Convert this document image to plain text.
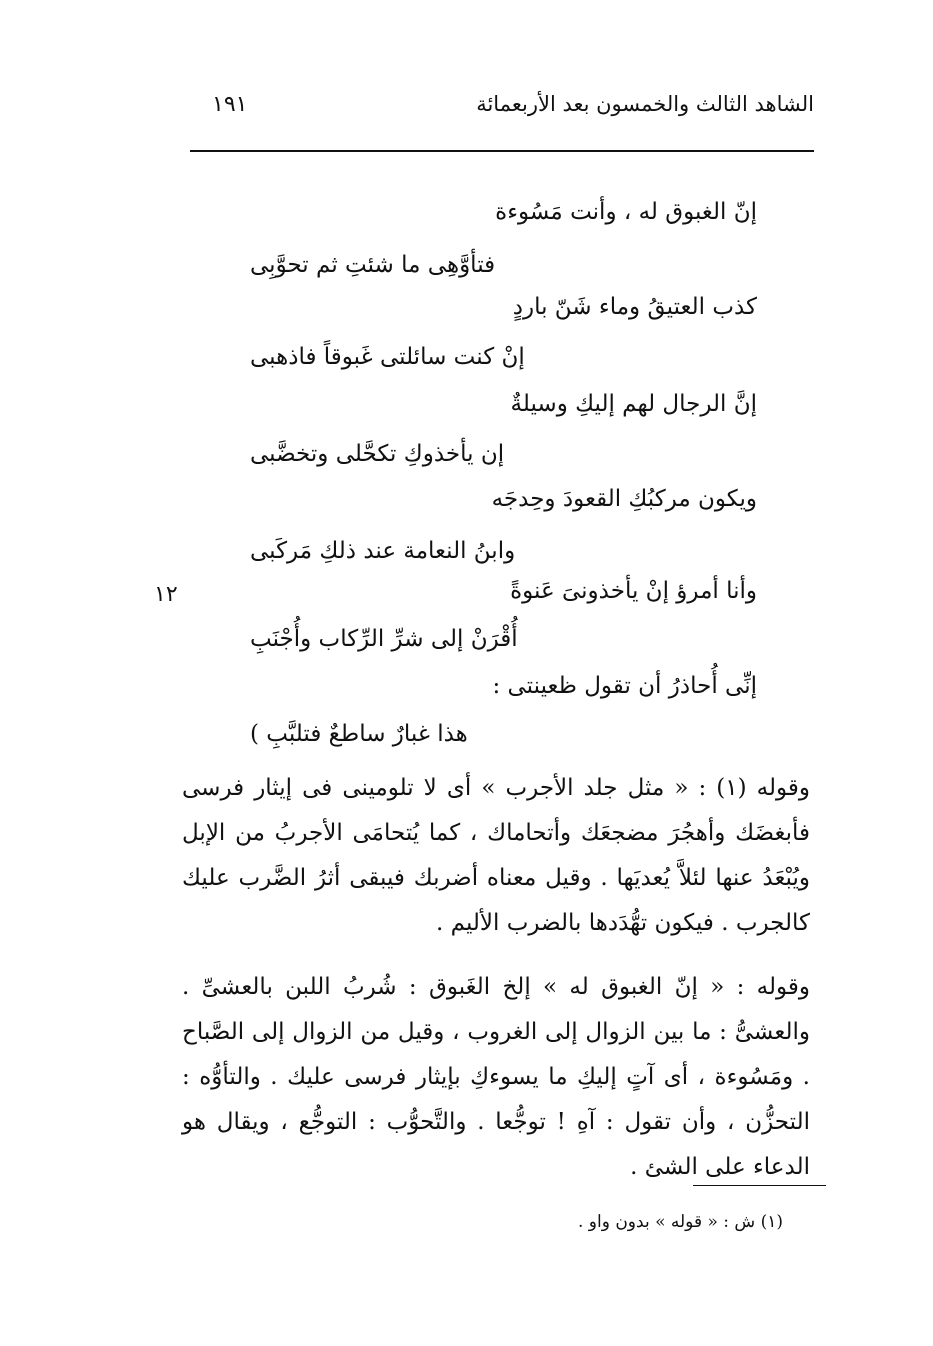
الشاهد الثالث والخمسون بعد الأربعمائة
١٩١
إنّ الغبوق له ، وأنت مَسُوءة
فتأوَّهِى ما شئتِ ثم تحوَّبِى
كذب العتيقُ وماء شَنّ باردٍ
إنْ كنت سائلتى غَبوقاً فاذهبى
إنَّ الرجال لهم إليكِ وسيلةٌ
إن يأخذوكِ تكحَّلى وتخضَّبى
ويكون مركبُكِ القعودَ وحِدجَه
وابنُ النعامة عند ذلكِ مَركَبى
وأنا أمرؤ إنْ يأخذونىَ عَنوةً
أُقْرَنْ إلى شرِّ الرِّكاب وأُجْنَبِ
إنِّى أُحاذرُ أن تقول ظعينتى :
هذا غبارٌ ساطعٌ فتلبَّبِ )
١٢

وقوله (١) : « مثل جلد الأجرب » أى لا تلومينى فى إيثار فرسى فأبغضَك وأهجُرَ مضجعَك وأتحاماك ، كما يُتحامَى الأجربُ من الإبل ويُبْعَدُ عنها لئلاَّ يُعديَها . وقيل معناه أضربك فيبقى أثرُ الضَّرب عليك كالجرب . فيكون تهُّدَدها بالضرب الأليم .

وقوله : « إنّ الغبوق له » إلخ الغَبوق : شُربُ اللبن بالعشىِّ . والعشىُّ : ما بين الزوال إلى الغروب ، وقيل من الزوال إلى الصَّباح . ومَسُوءة ، أى آتٍ إليكِ ما يسوءكِ بإيثار فرسى عليك . والتأوُّه : التحزُّن ، وأن تقول : آهِ ! توجُّعا . والتَّحوُّب : التوجُّع ، ويقال هو الدعاء على الشئ .

(١) ش : « قوله » بدون واو .
